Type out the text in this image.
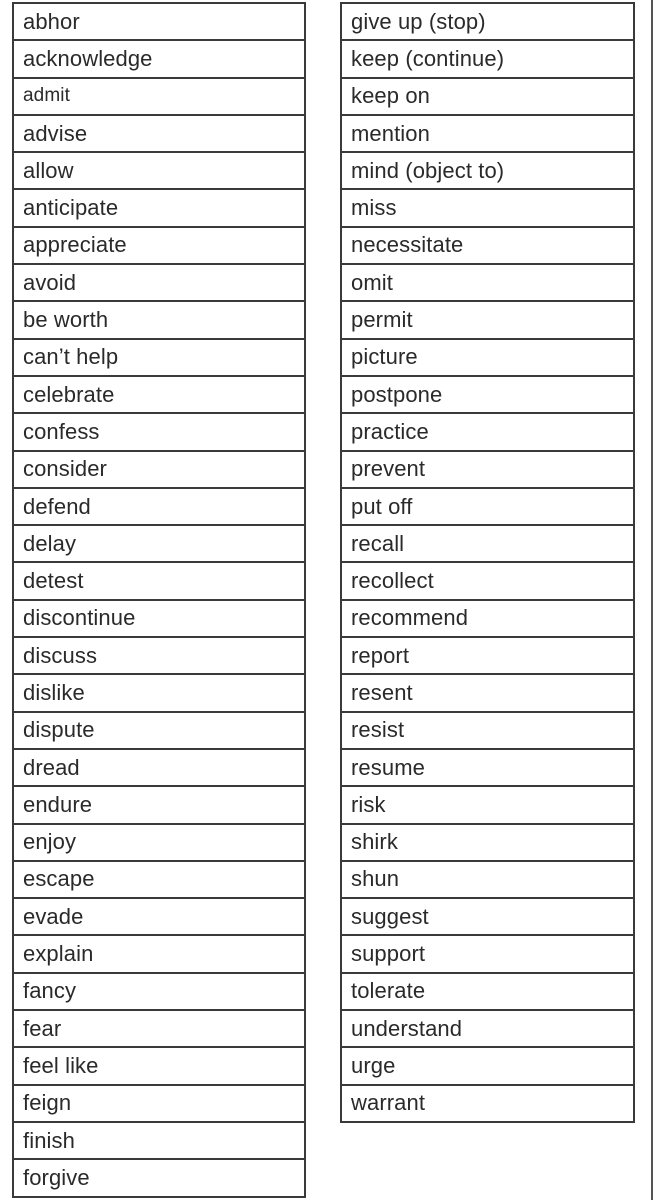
abhor
acknowledge
admit
advise
allow
anticipate
appreciate
avoid
be worth
can’t help
celebrate
confess
consider
defend
delay
detest
discontinue
discuss
dislike
dispute
dread
endure
enjoy
escape
evade
explain
fancy
fear
feel like
feign
finish
forgive
give up (stop)
keep (continue)
keep on
mention
mind (object to)
miss
necessitate
omit
permit
picture
postpone
practice
prevent
put off
recall
recollect
recommend
report
resent
resist
resume
risk
shirk
shun
suggest
support
tolerate
understand
urge
warrant
